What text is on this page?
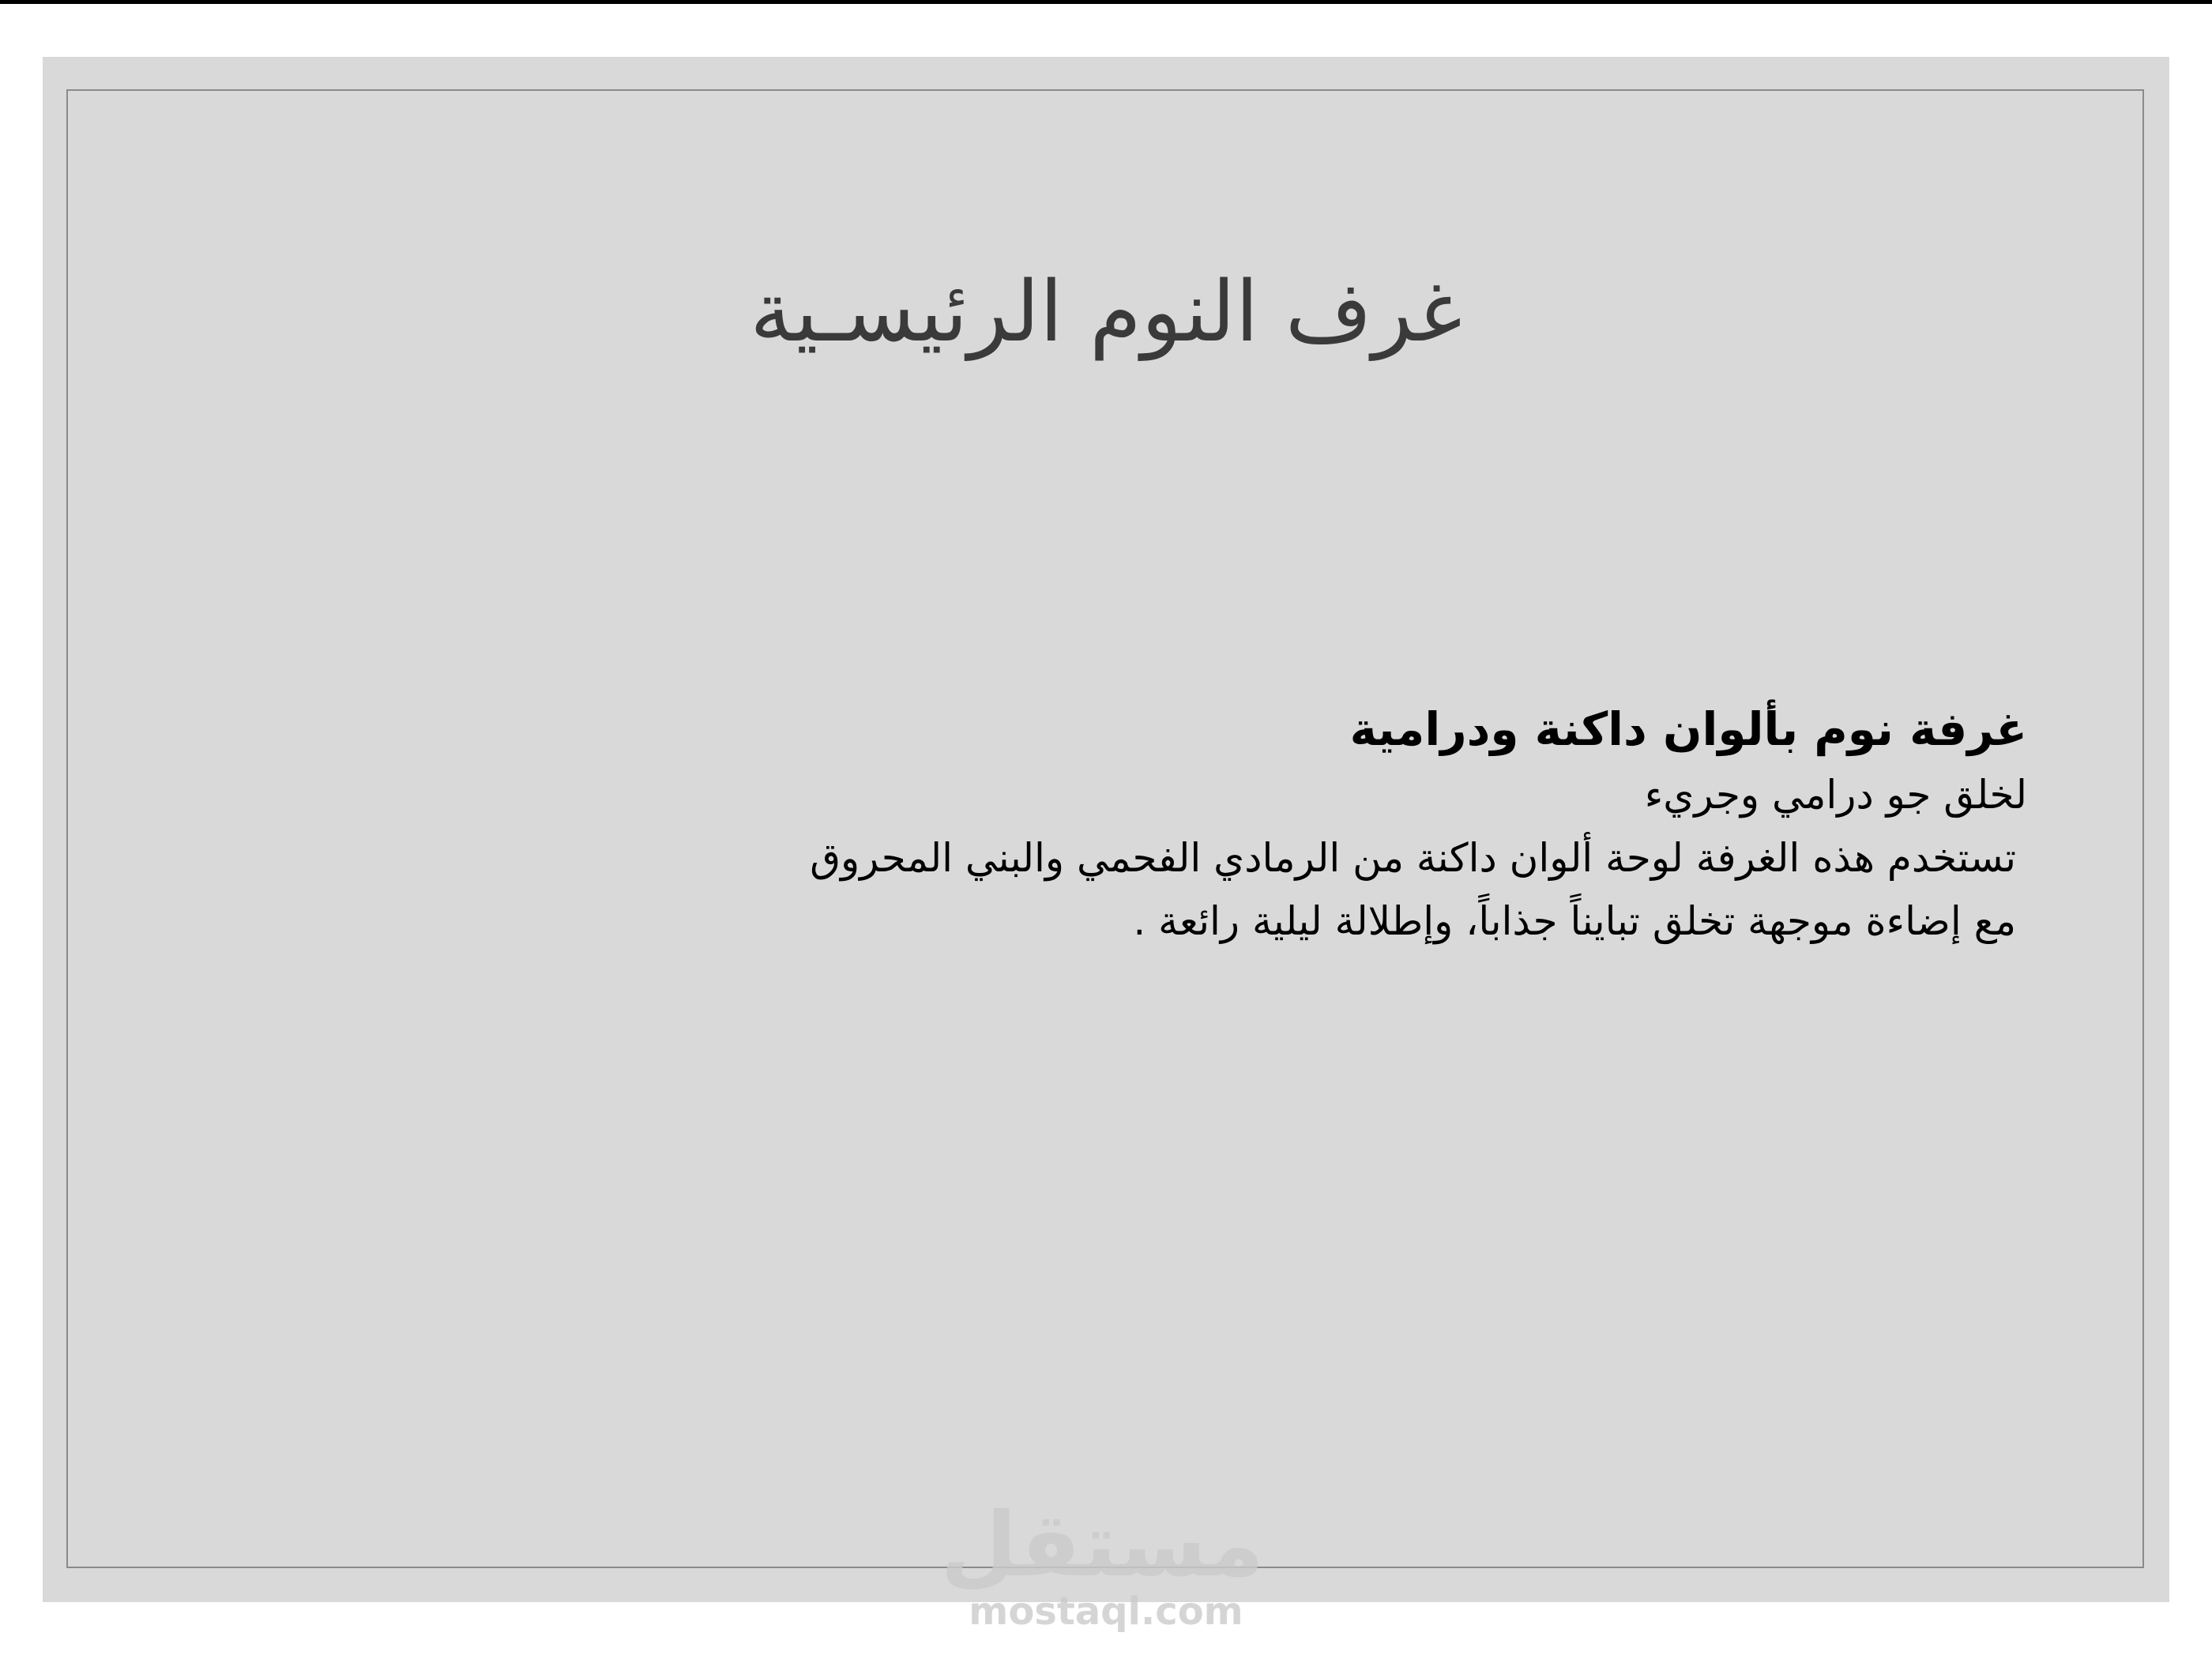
غرف النوم الرئيسـية

غرفة نوم بألوان داكنة ودرامية

لخلق جو درامي وجريء

تستخدم هذه الغرفة لوحة ألوان داكنة من الرمادي الفحمي والبني المحروق

مع إضاءة موجهة تخلق تبايناً جذاباً، وإطلالة ليلية رائعة .

مستقل
mostaql.com
